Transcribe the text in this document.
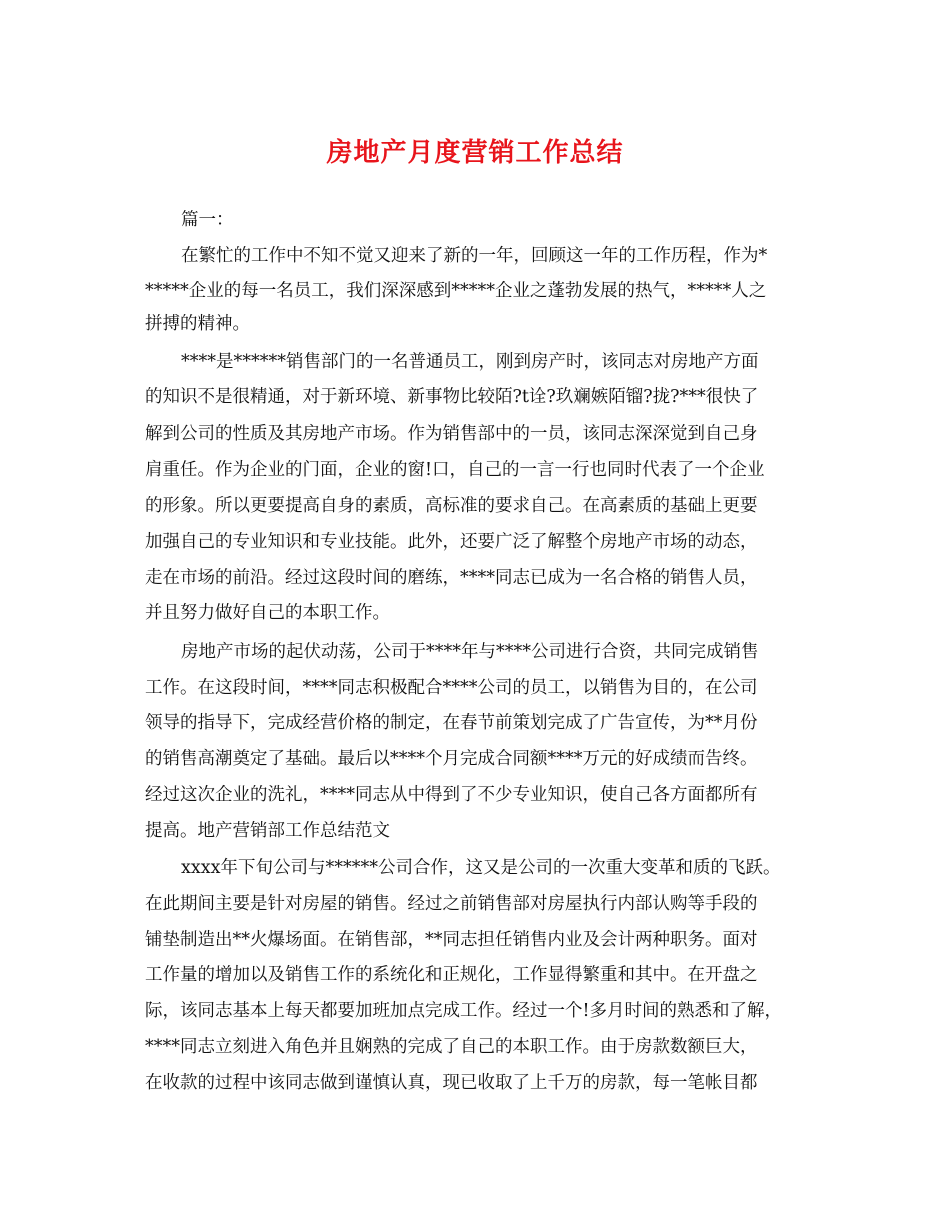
房地产月度营销工作总结
篇一：
在繁忙的工作中不知不觉又迎来了新的一年，回顾这一年的工作历程，作为*
*****企业的每一名员工，我们深深感到*****企业之蓬勃发展的热气，*****人之
拼搏的精神。
****是******销售部门的一名普通员工，刚到房产时，该同志对房地产方面
的知识不是很精通，对于新环境、新事物比较陌?t诠?玖斓嫉陌镏?拢?***很快了
解到公司的性质及其房地产市场。作为销售部中的一员，该同志深深觉到自己身
肩重任。作为企业的门面，企业的窗!口，自己的一言一行也同时代表了一个企业
的形象。所以更要提高自身的素质，高标准的要求自己。在高素质的基础上更要
加强自己的专业知识和专业技能。此外，还要广泛了解整个房地产市场的动态，
走在市场的前沿。经过这段时间的磨练，****同志已成为一名合格的销售人员，
并且努力做好自己的本职工作。
房地产市场的起伏动荡，公司于****年与****公司进行合资，共同完成销售
工作。在这段时间，****同志积极配合****公司的员工，以销售为目的，在公司
领导的指导下，完成经营价格的制定，在春节前策划完成了广告宣传，为**月份
的销售高潮奠定了基础。最后以****个月完成合同额****万元的好成绩而告终。
经过这次企业的洗礼，****同志从中得到了不少专业知识，使自己各方面都所有
提高。地产营销部工作总结范文
xxxx年下旬公司与******公司合作，这又是公司的一次重大变革和质的飞跃。
在此期间主要是针对房屋的销售。经过之前销售部对房屋执行内部认购等手段的
铺垫制造出**火爆场面。在销售部，**同志担任销售内业及会计两种职务。面对
工作量的增加以及销售工作的系统化和正规化，工作显得繁重和其中。在开盘之
际，该同志基本上每天都要加班加点完成工作。经过一个!多月时间的熟悉和了解，
****同志立刻进入角色并且娴熟的完成了自己的本职工作。由于房款数额巨大，
在收款的过程中该同志做到谨慎认真，现已收取了上千万的房款，每一笔帐目都
